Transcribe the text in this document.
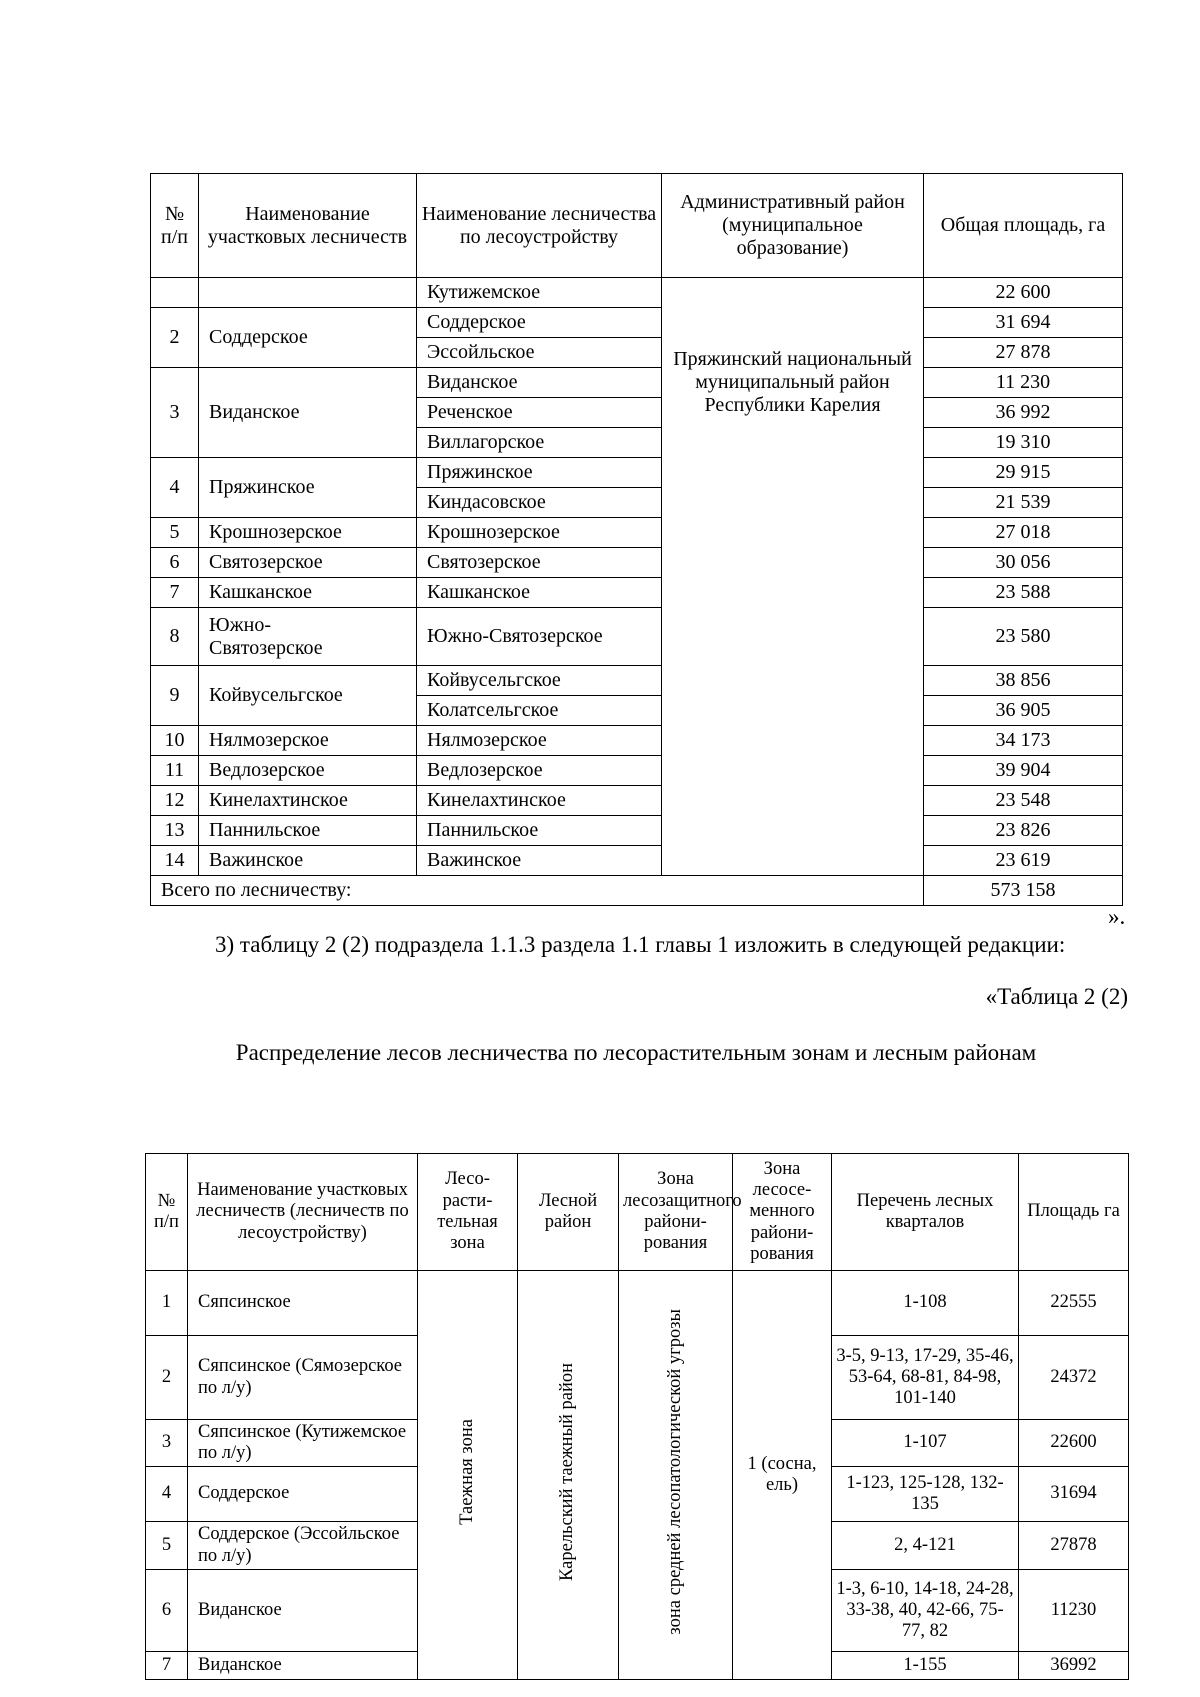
№ п/п	Наименование участковых лесничеств	Наименование лесничества по лесоустройству	Административный район (муниципальное образование)	Общая площадь, га
		Кутижемское	Пряжинский национальный муниципальный район Республики Карелия	22 600
2	Соддерское	Соддерское		31 694
		Эссойльское		27 878
3	Виданское	Виданское		11 230
		Реченское		36 992
		Виллагорское		19 310
4	Пряжинское	Пряжинское		29 915
		Киндасовское		21 539
5	Крошнозерское	Крошнозерское		27 018
6	Святозерское	Святозерское		30 056
7	Кашканское	Кашканское		23 588
8	Южно-Святозерское	Южно-Святозерское		23 580
9	Койвусельгское	Койвусельгское		38 856
		Колатсельгское		36 905
10	Нялмозерское	Нялмозерское		34 173
11	Ведлозерское	Ведлозерское		39 904
12	Кинелахтинское	Кинелахтинское		23 548
13	Паннильское	Паннильское		23 826
14	Важинское	Важинское		23 619
Всего по лесничеству:				573 158
».
3) таблицу 2 (2) подраздела 1.1.3 раздела 1.1 главы 1 изложить в следующей редакции:
«Таблица 2 (2)
Распределение лесов лесничества по лесорастительным зонам и лесным районам
№ п/п	Наименование участковых лесничеств (лесничеств по лесоустройству)	Лесо-расти-тельная зона	Лесной район	Зона лесозащитного райони-рования	Зона лесосе-менного райони-рования	Перечень лесных кварталов	Площадь га
1	Сяпсинское	Таежная зона	Карельский таежный район	зона средней лесопатологической угрозы	1 (сосна, ель)	1-108	22555
2	Сяпсинское (Сямозерское по л/у)					3-5, 9-13, 17-29, 35-46, 53-64, 68-81, 84-98, 101-140	24372
3	Сяпсинское (Кутижемское по л/у)					1-107	22600
4	Соддерское					1-123, 125-128, 132-135	31694
5	Соддерское (Эссойльское по л/у)					2, 4-121	27878
6	Виданское					1-3, 6-10, 14-18, 24-28, 33-38, 40, 42-66, 75-77, 82	11230
7	Виданское					1-155	36992
